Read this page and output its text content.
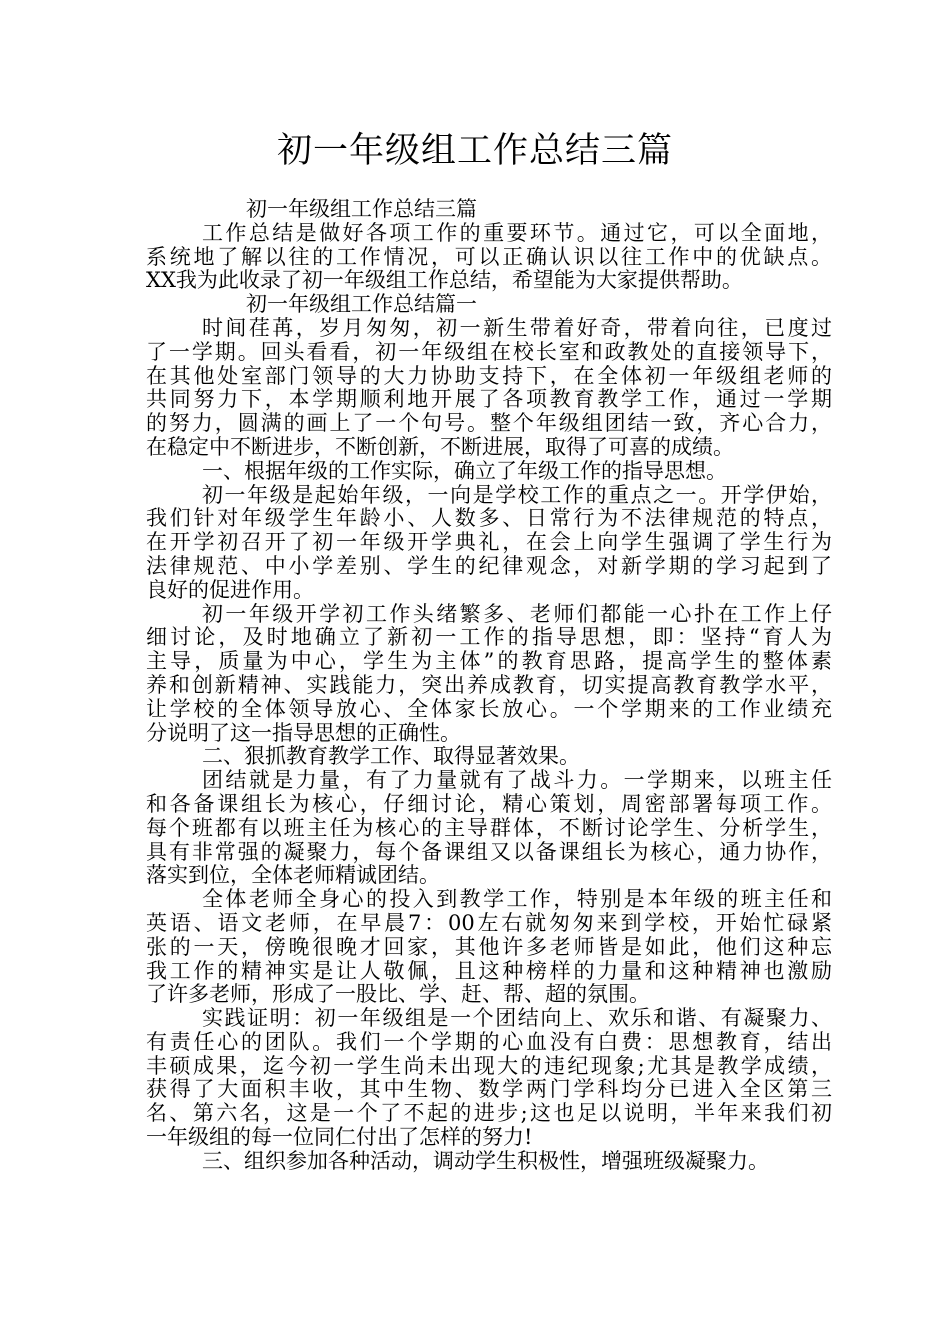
初一年级组工作总结三篇
初一年级组工作总结三篇
工作总结是做好各项工作的重要环节。通过它，可以全面地，
系统地了解以往的工作情况，可以正确认识以往工作中的优缺点。
XX我为此收录了初一年级组工作总结，希望能为大家提供帮助。
初一年级组工作总结篇一
时间荏苒，岁月匆匆，初一新生带着好奇，带着向往，已度过
了一学期。回头看看，初一年级组在校长室和政教处的直接领导下，
在其他处室部门领导的大力协助支持下，在全体初一年级组老师的
共同努力下，本学期顺利地开展了各项教育教学工作，通过一学期
的努力，圆满的画上了一个句号。整个年级组团结一致，齐心合力，
在稳定中不断进步，不断创新，不断进展，取得了可喜的成绩。
一、根据年级的工作实际，确立了年级工作的指导思想。
初一年级是起始年级，一向是学校工作的重点之一。开学伊始，
我们针对年级学生年龄小、人数多、日常行为不法律规范的特点，
在开学初召开了初一年级开学典礼，在会上向学生强调了学生行为
法律规范、中小学差别、学生的纪律观念，对新学期的学习起到了
良好的促进作用。
初一年级开学初工作头绪繁多、老师们都能一心扑在工作上仔
细讨论，及时地确立了新初一工作的指导思想，即：坚持“育人为
主导，质量为中心，学生为主体”的教育思路，提高学生的整体素
养和创新精神、实践能力，突出养成教育，切实提高教育教学水平，
让学校的全体领导放心、全体家长放心。一个学期来的工作业绩充
分说明了这一指导思想的正确性。
二、狠抓教育教学工作、取得显著效果。
团结就是力量，有了力量就有了战斗力。一学期来，以班主任
和各备课组长为核心，仔细讨论，精心策划，周密部署每项工作。
每个班都有以班主任为核心的主导群体，不断讨论学生、分析学生，
具有非常强的凝聚力，每个备课组又以备课组长为核心，通力协作，
落实到位，全体老师精诚团结。
全体老师全身心的投入到教学工作，特别是本年级的班主任和
英语、语文老师，在早晨7：00左右就匆匆来到学校，开始忙碌紧
张的一天，傍晚很晚才回家，其他许多老师皆是如此，他们这种忘
我工作的精神实是让人敬佩，且这种榜样的力量和这种精神也激励
了许多老师，形成了一股比、学、赶、帮、超的氛围。
实践证明：初一年级组是一个团结向上、欢乐和谐、有凝聚力、
有责任心的团队。我们一个学期的心血没有白费：思想教育，结出
丰硕成果，迄今初一学生尚未出现大的违纪现象;尤其是教学成绩，
获得了大面积丰收，其中生物、数学两门学科均分已进入全区第三
名、第六名，这是一个了不起的进步;这也足以说明，半年来我们初
一年级组的每一位同仁付出了怎样的努力!
三、组织参加各种活动，调动学生积极性，增强班级凝聚力。
